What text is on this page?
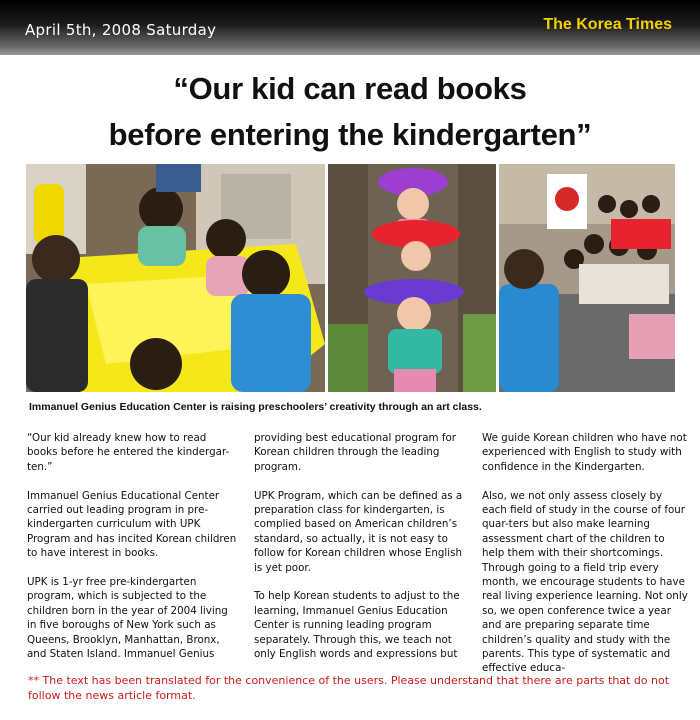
April 5th, 2008 Saturday	The Korea Times
“Our kid can read books
before entering the kindergarten”
Immanuel Genius Education Center is raising preschoolers’ creativity through an art class.

“Our kid already knew how to read books before he entered the kindergar-ten.”

Immanuel Genius Educational Center carried out leading program in pre-kindergarten curriculum with UPK Program and has incited Korean children to have interest in books.

UPK is 1-yr free pre-kindergarten program, which is subjected to the children born in the year of 2004 living in five boroughs of New York such as Queens, Brooklyn, Manhattan, Bronx, and Staten Island. Immanuel Genius

providing best educational program for Korean children through the leading program.

UPK Program, which can be defined as a preparation class for kindergarten, is complied based on American children’s standard, so actually, it is not easy to follow for Korean children whose English is yet poor.

To help Korean students to adjust to the learning, Immanuel Genius Education Center is running leading program separately. Through this, we teach not only English words and expressions but

We guide Korean children who have not experienced with English to study with confidence in the Kindergarten.

Also, we not only assess closely by each field of study in the course of four quar-ters but also make learning assessment chart of the children to help them with their shortcomings.

Through going to a field trip every month, we encourage students to have real living experience learning. Not only so, we open conference twice a year and are preparing separate time children’s quality and study with the parents. This type of systematic and effective educa-

** The text has been translated for the convenience of the users. Please understand that there are parts that do not follow the news article format.
